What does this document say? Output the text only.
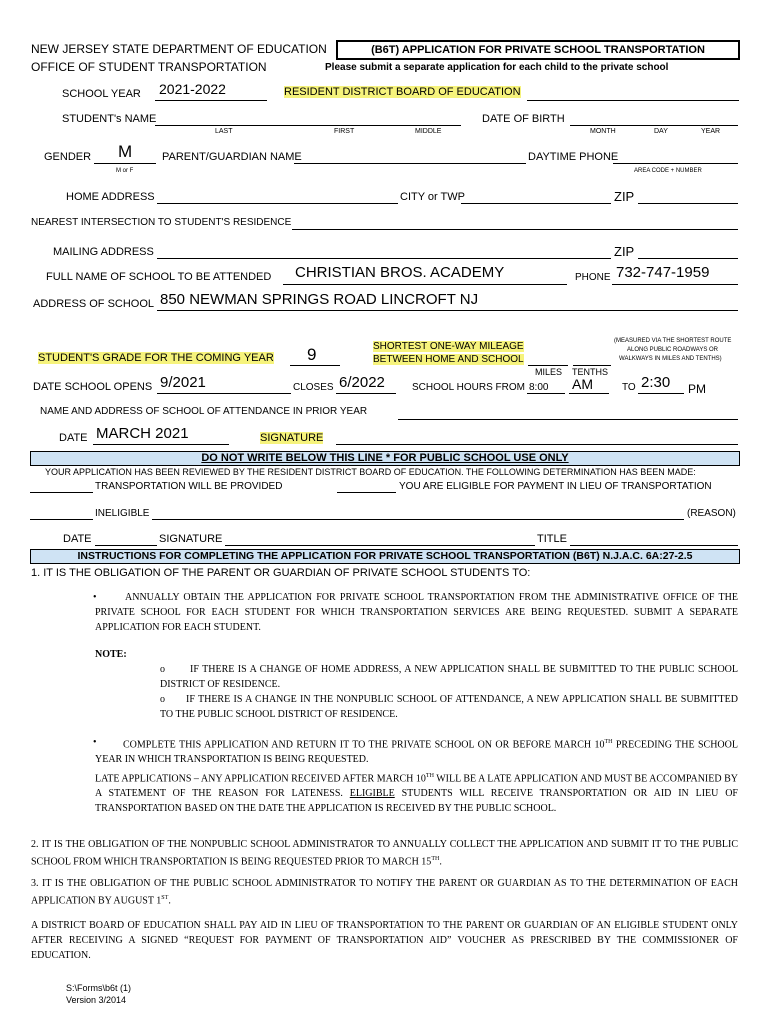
NEW JERSEY STATE DEPARTMENT OF EDUCATION
OFFICE OF STUDENT TRANSPORTATION
(B6T) APPLICATION FOR PRIVATE SCHOOL TRANSPORTATION
Please submit a separate application for each child to the private school
SCHOOL YEAR 2021-2022	RESIDENT DISTRICT BOARD OF EDUCATION
STUDENT's NAME
LAST	FIRST	MIDDLE
DATE OF BIRTH
MONTH	DAY	YEAR
GENDER M
M or F
PARENT/GUARDIAN NAME	DAYTIME PHONE
AREA CODE + NUMBER
HOME ADDRESS	CITY or TWP	ZIP
NEAREST INTERSECTION TO STUDENT'S RESIDENCE
MAILING ADDRESS	ZIP
FULL NAME OF SCHOOL TO BE ATTENDED CHRISTIAN BROS. ACADEMY	PHONE 732-747-1959
ADDRESS OF SCHOOL 850 NEWMAN SPRINGS ROAD LINCROFT NJ
STUDENT'S GRADE FOR THE COMING YEAR 9	SHORTEST ONE-WAY MILEAGE
BETWEEN HOME AND SCHOOL
(MEASURED VIA THE SHORTEST ROUTE
ALONG PUBLIC ROADWAYS OR
WALKWAYS IN MILES AND TENTHS)
MILES TENTHS
DATE SCHOOL OPENS 9/2021	CLOSES 6/2022	SCHOOL HOURS FROM 8:00 AM	TO 2:30 PM
NAME AND ADDRESS OF SCHOOL OF ATTENDANCE IN PRIOR YEAR
DATE MARCH 2021	SIGNATURE
DO NOT WRITE BELOW THIS LINE * FOR PUBLIC SCHOOL USE ONLY
YOUR APPLICATION HAS BEEN REVIEWED BY THE RESIDENT DISTRICT BOARD OF EDUCATION. THE FOLLOWING DETERMINATION HAS BEEN MADE:
TRANSPORTATION WILL BE PROVIDED	YOU ARE ELIGIBLE FOR PAYMENT IN LIEU OF TRANSPORTATION
INELIGIBLE	(REASON)
DATE	SIGNATURE	TITLE
INSTRUCTIONS FOR COMPLETING THE APPLICATION FOR PRIVATE SCHOOL TRANSPORTATION (B6T) N.J.A.C. 6A:27-2.5
1. IT IS THE OBLIGATION OF THE PARENT OR GUARDIAN OF PRIVATE SCHOOL STUDENTS TO:
•	ANNUALLY OBTAIN THE APPLICATION FOR PRIVATE SCHOOL TRANSPORTATION FROM THE ADMINISTRATIVE OFFICE OF THE PRIVATE SCHOOL FOR EACH STUDENT FOR WHICH TRANSPORTATION SERVICES ARE BEING REQUESTED. SUBMIT A SEPARATE APPLICATION FOR EACH STUDENT.
NOTE:
o	IF THERE IS A CHANGE OF HOME ADDRESS, A NEW APPLICATION SHALL BE SUBMITTED TO THE PUBLIC SCHOOL DISTRICT OF RESIDENCE.
o	IF THERE IS A CHANGE IN THE NONPUBLIC SCHOOL OF ATTENDANCE, A NEW APPLICATION SHALL BE SUBMITTED TO THE PUBLIC SCHOOL DISTRICT OF RESIDENCE.
•	COMPLETE THIS APPLICATION AND RETURN IT TO THE PRIVATE SCHOOL ON OR BEFORE MARCH 10TH PRECEDING THE SCHOOL YEAR IN WHICH TRANSPORTATION IS BEING REQUESTED.
LATE APPLICATIONS – ANY APPLICATION RECEIVED AFTER MARCH 10TH WILL BE A LATE APPLICATION AND MUST BE ACCOMPANIED BY A STATEMENT OF THE REASON FOR LATENESS. ELIGIBLE STUDENTS WILL RECEIVE TRANSPORTATION OR AID IN LIEU OF TRANSPORTATION BASED ON THE DATE THE APPLICATION IS RECEIVED BY THE PUBLIC SCHOOL.
2. IT IS THE OBLIGATION OF THE NONPUBLIC SCHOOL ADMINISTRATOR TO ANNUALLY COLLECT THE APPLICATION AND SUBMIT IT TO THE PUBLIC SCHOOL FROM WHICH TRANSPORTATION IS BEING REQUESTED PRIOR TO MARCH 15TH.
3. IT IS THE OBLIGATION OF THE PUBLIC SCHOOL ADMINISTRATOR TO NOTIFY THE PARENT OR GUARDIAN AS TO THE DETERMINATION OF EACH APPLICATION BY AUGUST 1ST.
A DISTRICT BOARD OF EDUCATION SHALL PAY AID IN LIEU OF TRANSPORTATION TO THE PARENT OR GUARDIAN OF AN ELIGIBLE STUDENT ONLY AFTER RECEIVING A SIGNED “REQUEST FOR PAYMENT OF TRANSPORTATION AID” VOUCHER AS PRESCRIBED BY THE COMMISSIONER OF EDUCATION.
S:\Forms\b6t (1)
Version 3/2014
